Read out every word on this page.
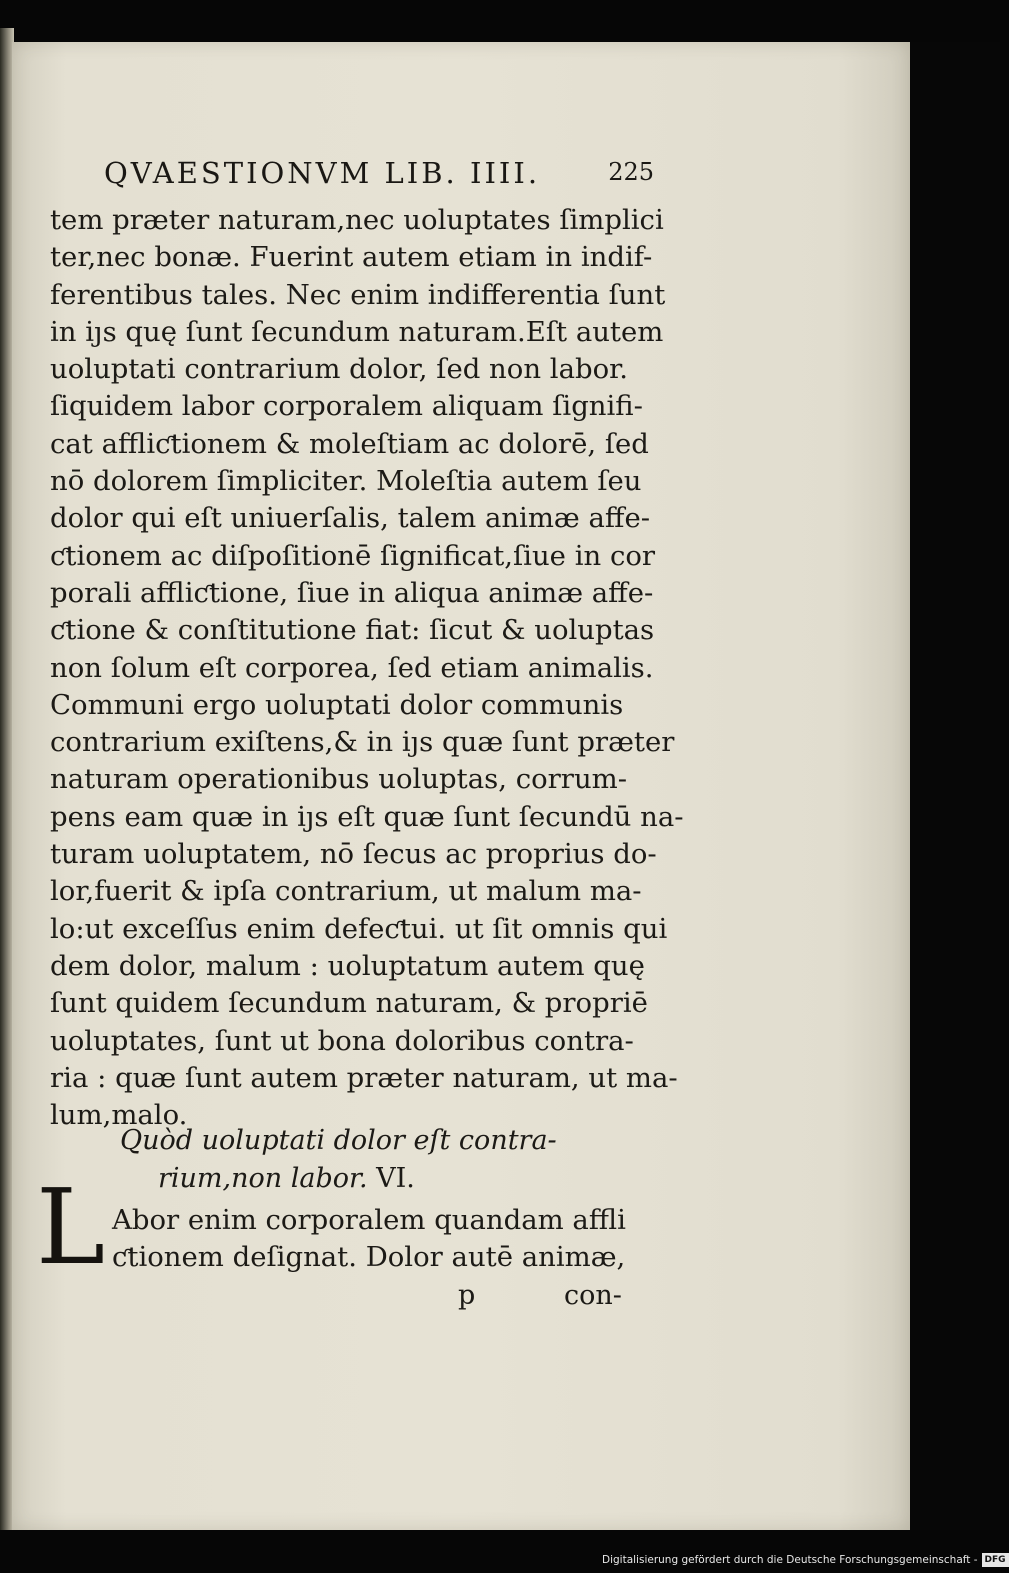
QVAESTIONVM LIB. IIII.	225
tem præter naturam,nec uoluptates ſimplici
ter,nec bonæ. Fuerint autem etiam in indif-
ferentibus tales. Nec enim indifferentia ſunt
in iȷs quę ſunt ſecundum naturam.Eſt autem
uoluptati contrarium dolor, ſed non labor.
ſiquidem labor corporalem aliquam ſignifi-
cat affliƈtionem & moleſtiam ac dolorē, ſed
nō dolorem ſimpliciter. Moleſtia autem ſeu
dolor qui eſt uniuerſalis, talem animæ affe-
ƈtionem ac diſpoſitionē ſignificat,ſiue in cor
porali affliƈtione, ſiue in aliqua animæ affe-
ƈtione & conſtitutione fiat: ſicut & uoluptas
non ſolum eſt corporea, ſed etiam animalis.
Communi ergo uoluptati dolor communis
contrarium exiſtens,& in iȷs quæ ſunt præter
naturam operationibus uoluptas, corrum-
pens eam quæ in iȷs eſt quæ ſunt ſecundū na-
turam uoluptatem, nō ſecus ac proprius do-
lor,fuerit & ipſa contrarium, ut malum ma-
lo:ut exceſſus enim defeƈtui. ut ſit omnis qui
dem dolor, malum : uoluptatum autem quę
ſunt quidem ſecundum naturam, & propriē
uoluptates, ſunt ut bona doloribus contra-
ria : quæ ſunt autem præter naturam, ut ma-
lum,malo.
Quòd uoluptati dolor eſt contra-
rium,non labor. VI.
L Abor enim corporalem quandam affli
ƈtionem deſignat. Dolor autē animæ,
p	con-
Digitalisierung gefördert durch die Deutsche Forschungsgemeinschaft - DFG
